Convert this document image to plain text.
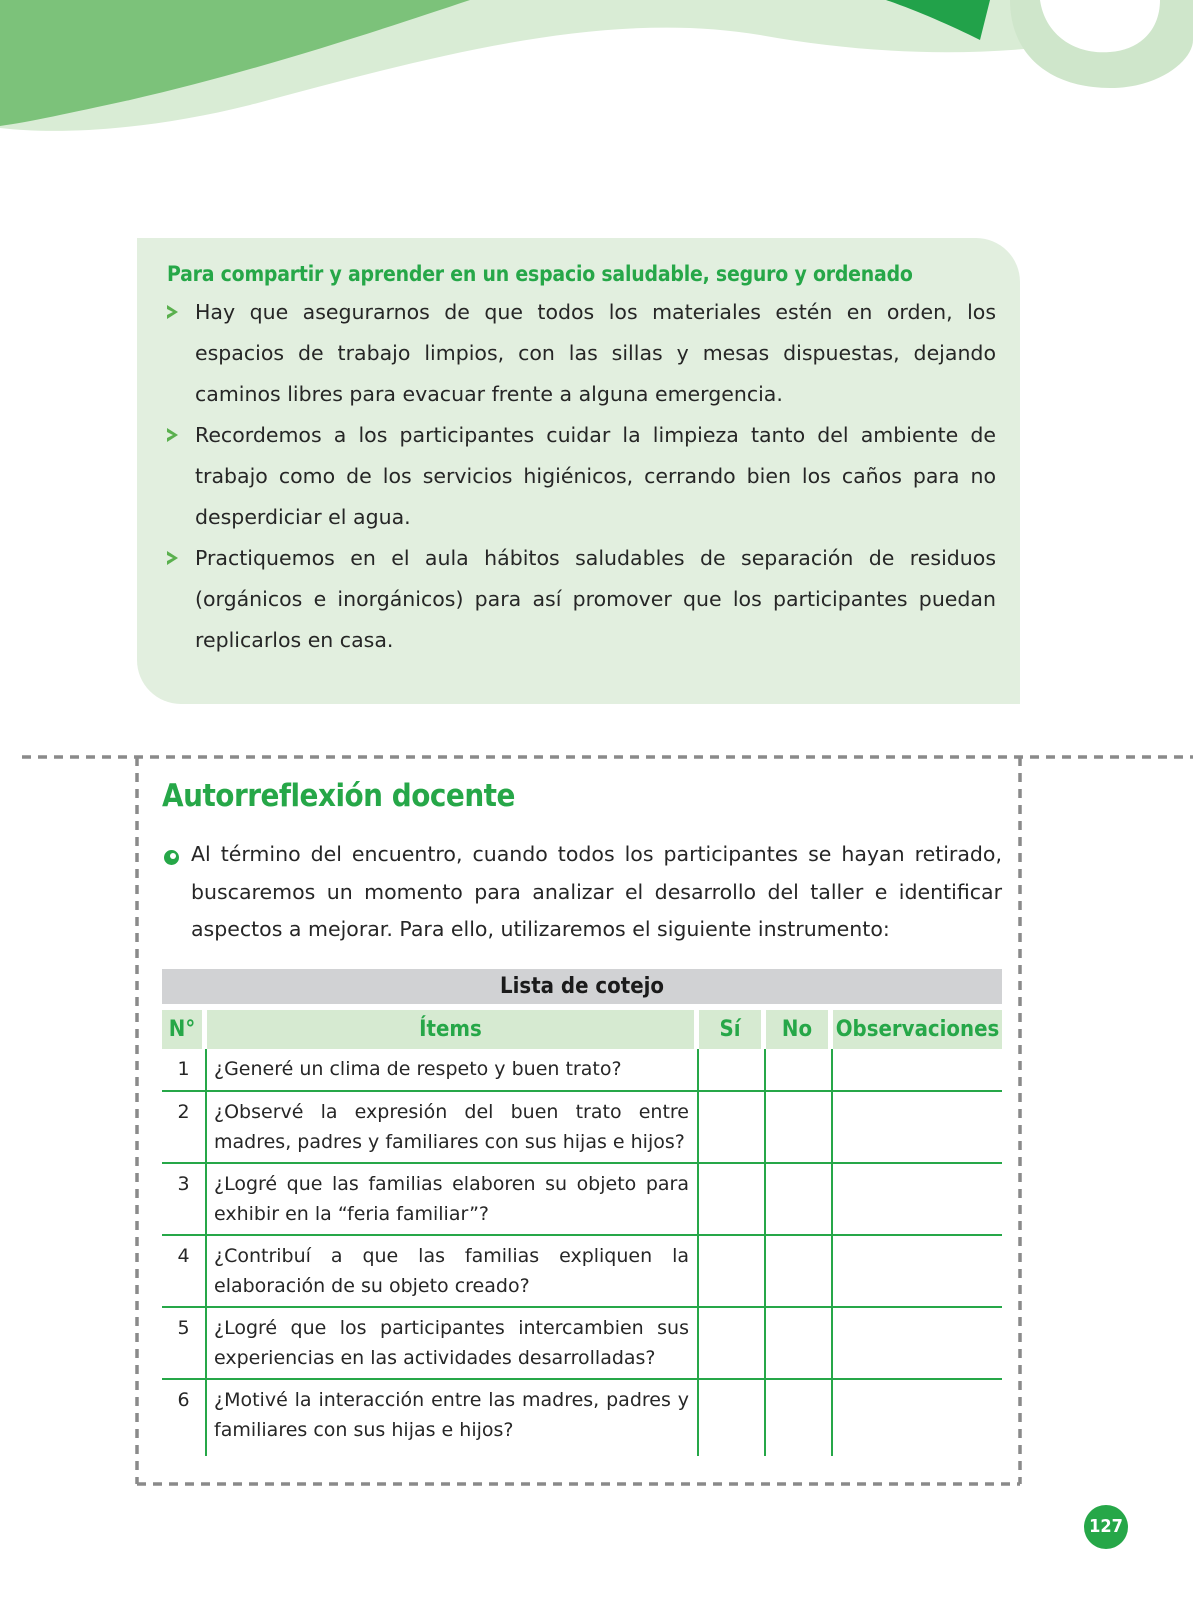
Para compartir y aprender en un espacio saludable, seguro y ordenado
Hay que asegurarnos de que todos los materiales estén en orden, los espacios de trabajo limpios, con las sillas y mesas dispuestas, dejando caminos libres para evacuar frente a alguna emergencia.
Recordemos a los participantes cuidar la limpieza tanto del ambiente de trabajo como de los servicios higiénicos, cerrando bien los caños para no desperdiciar el agua.
Practiquemos en el aula hábitos saludables de separación de residuos (orgánicos e inorgánicos) para así promover que los participantes puedan replicarlos en casa.
Autorreflexión docente

Al término del encuentro, cuando todos los participantes se hayan retirado, buscaremos un momento para analizar el desarrollo del taller e identificar aspectos a mejorar. Para ello, utilizaremos el siguiente instrumento:

Lista de cotejo				
N°	Ítems	Sí	No	Observaciones
1	¿Generé un clima de respeto y buen trato?			

2	¿Observé la expresión del buen trato entre
madres, padres y familiares con sus hijas e hijos?			

3	¿Logré que las familias elaboren su objeto para
exhibir en la “feria familiar”?			

4	¿Contribuí a que las familias expliquen la
elaboración de su objeto creado?			

5	¿Logré que los participantes intercambien sus
experiencias en las actividades desarrolladas?			

6	¿Motivé la interacción entre las madres, padres y
familiares con sus hijas e hijos?			

127
